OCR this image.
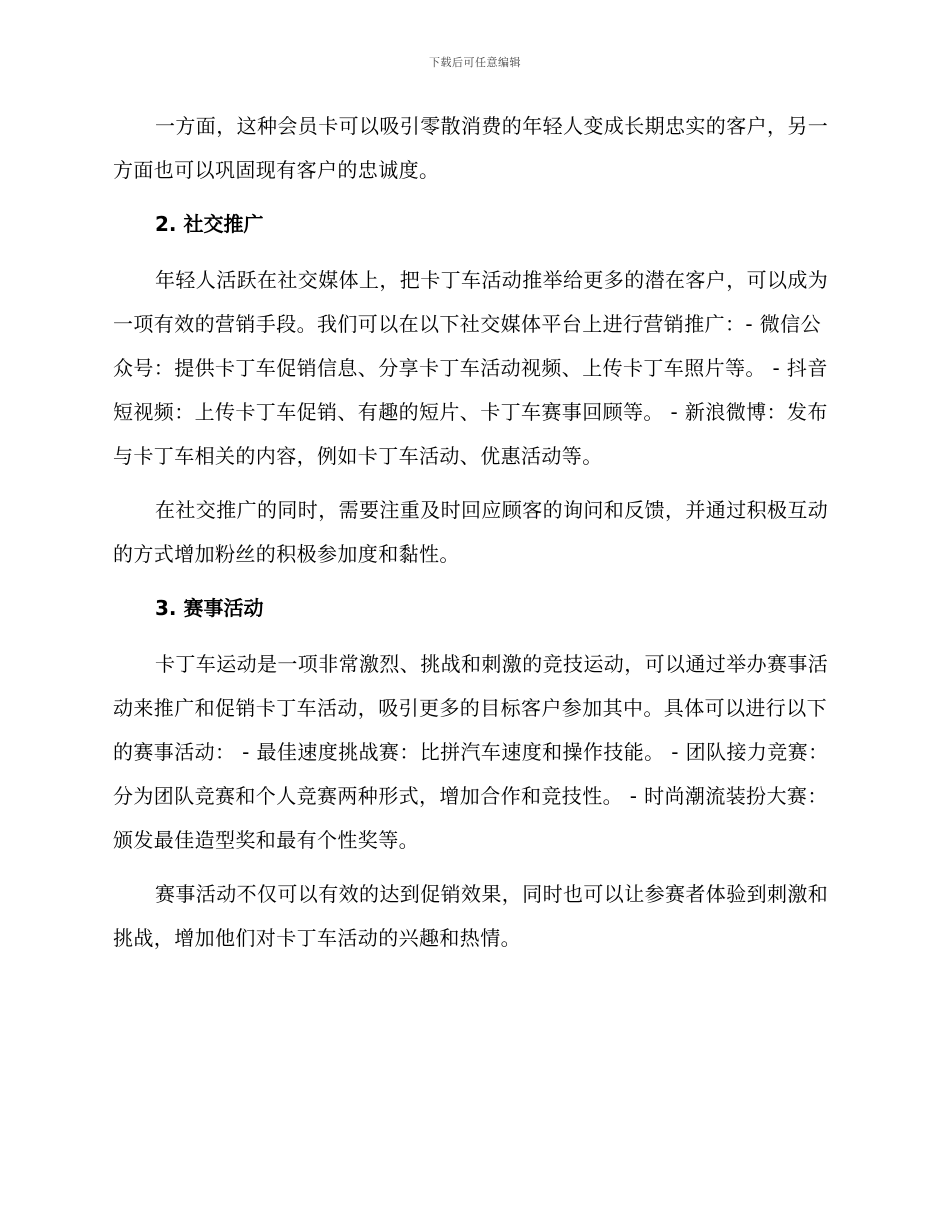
下载后可任意编辑

一方面，这种会员卡可以吸引零散消费的年轻人变成长期忠实的客户，另一方面也可以巩固现有客户的忠诚度。

2. 社交推广

年轻人活跃在社交媒体上，把卡丁车活动推举给更多的潜在客户，可以成为一项有效的营销手段。我们可以在以下社交媒体平台上进行营销推广：- 微信公众号：提供卡丁车促销信息、分享卡丁车活动视频、上传卡丁车照片等。 - 抖音短视频：上传卡丁车促销、有趣的短片、卡丁车赛事回顾等。 - 新浪微博：发布与卡丁车相关的内容，例如卡丁车活动、优惠活动等。

在社交推广的同时，需要注重及时回应顾客的询问和反馈，并通过积极互动的方式增加粉丝的积极参加度和黏性。

3. 赛事活动

卡丁车运动是一项非常激烈、挑战和刺激的竞技运动，可以通过举办赛事活动来推广和促销卡丁车活动，吸引更多的目标客户参加其中。具体可以进行以下的赛事活动： - 最佳速度挑战赛：比拼汽车速度和操作技能。 - 团队接力竞赛：分为团队竞赛和个人竞赛两种形式，增加合作和竞技性。 - 时尚潮流装扮大赛：颁发最佳造型奖和最有个性奖等。

赛事活动不仅可以有效的达到促销效果，同时也可以让参赛者体验到刺激和挑战，增加他们对卡丁车活动的兴趣和热情。
